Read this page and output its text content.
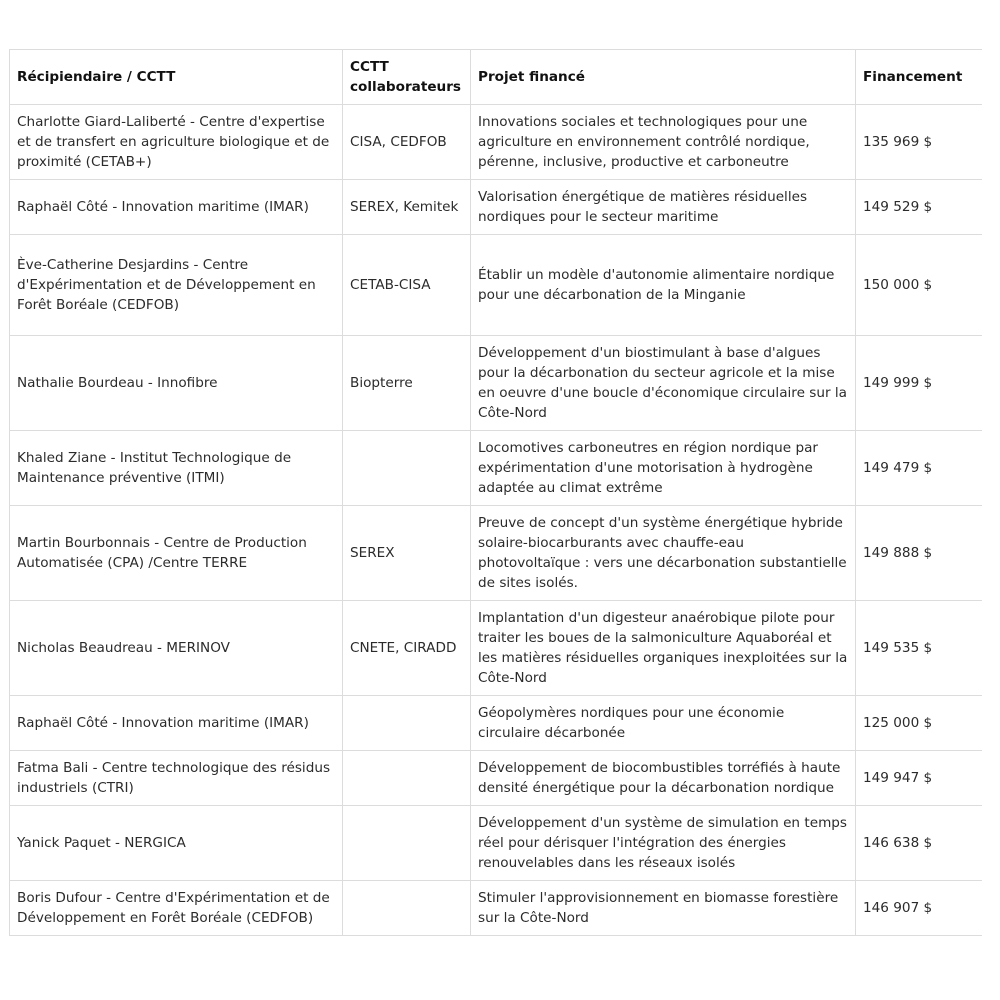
Récipiendaire / CCTT	CCTT collaborateurs	Projet financé	Financement
Charlotte Giard-Laliberté - Centre d'expertise et de transfert en agriculture biologique et de proximité (CETAB+)	CISA, CEDFOB	Innovations sociales et technologiques pour une agriculture en environnement contrôlé nordique, pérenne, inclusive, productive et carboneutre	135 969 $
Raphaël Côté - Innovation maritime (IMAR)	SEREX, Kemitek	Valorisation énergétique de matières résiduelles nordiques pour le secteur maritime	149 529 $
Ève-Catherine Desjardins - Centre d'Expérimentation et de Développement en Forêt Boréale (CEDFOB)	CETAB-CISA	Établir un modèle d'autonomie alimentaire nordique pour une décarbonation de la Minganie	150 000 $
Nathalie Bourdeau - Innofibre	Biopterre	Développement d'un biostimulant à base d'algues pour la décarbonation du secteur agricole et la mise en oeuvre d'une boucle d'économique circulaire sur la Côte-Nord	149 999 $
Khaled Ziane - Institut Technologique de Maintenance préventive (ITMI)		Locomotives carboneutres en région nordique par expérimentation d'une motorisation à hydrogène adaptée au climat extrême	149 479 $
Martin Bourbonnais - Centre de Production Automatisée (CPA) /Centre TERRE	SEREX	Preuve de concept d'un système énergétique hybride solaire-biocarburants avec chauffe-eau photovoltaïque : vers une décarbonation substantielle de sites isolés.	149 888 $
Nicholas Beaudreau - MERINOV	CNETE, CIRADD	Implantation d'un digesteur anaérobique pilote pour traiter les boues de la salmoniculture Aquaboréal et les matières résiduelles organiques inexploitées sur la Côte-Nord	149 535 $
Raphaël Côté - Innovation maritime (IMAR)		Géopolymères nordiques pour une économie circulaire décarbonée	125 000 $
Fatma Bali - Centre technologique des résidus industriels (CTRI)		Développement de biocombustibles torréfiés à haute densité énergétique pour la décarbonation nordique	149 947 $
Yanick Paquet - NERGICA		Développement d'un système de simulation en temps réel pour dérisquer l'intégration des énergies renouvelables dans les réseaux isolés	146 638 $
Boris Dufour - Centre d'Expérimentation et de Développement en Forêt Boréale (CEDFOB)		Stimuler l'approvisionnement en biomasse forestière sur la Côte-Nord	146 907 $
